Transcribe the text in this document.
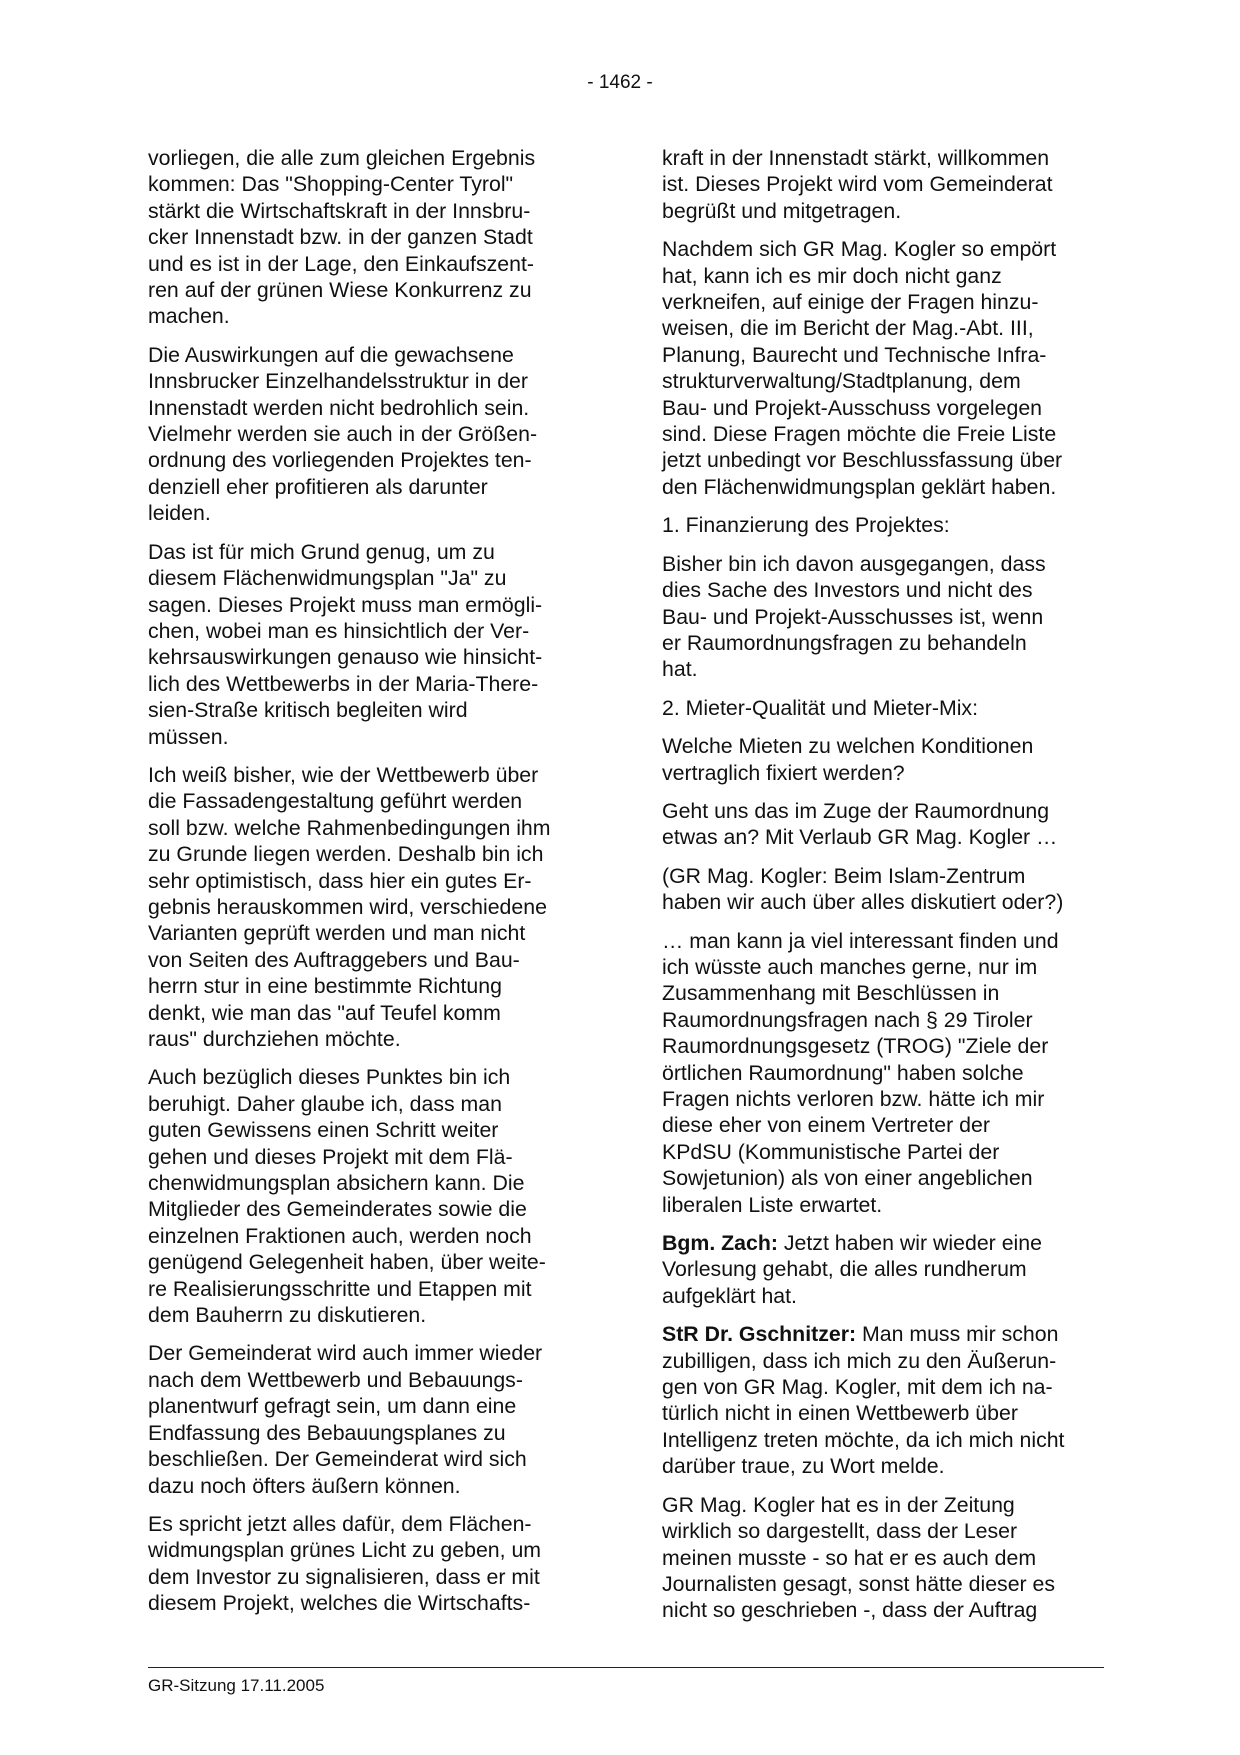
- 1462 -

vorliegen, die alle zum gleichen Ergebnis
kommen: Das "Shopping-Center Tyrol"
stärkt die Wirtschaftskraft in der Innsbru-
cker Innenstadt bzw. in der ganzen Stadt
und es ist in der Lage, den Einkaufszent-
ren auf der grünen Wiese Konkurrenz zu
machen.

Die Auswirkungen auf die gewachsene
Innsbrucker Einzelhandelsstruktur in der
Innenstadt werden nicht bedrohlich sein.
Vielmehr werden sie auch in der Größen-
ordnung des vorliegenden Projektes ten-
denziell eher profitieren als darunter
leiden.

Das ist für mich Grund genug, um zu
diesem Flächenwidmungsplan "Ja" zu
sagen. Dieses Projekt muss man ermögli-
chen, wobei man es hinsichtlich der Ver-
kehrsauswirkungen genauso wie hinsicht-
lich des Wettbewerbs in der Maria-There-
sien-Straße kritisch begleiten wird
müssen.

Ich weiß bisher, wie der Wettbewerb über
die Fassadengestaltung geführt werden
soll bzw. welche Rahmenbedingungen ihm
zu Grunde liegen werden. Deshalb bin ich
sehr optimistisch, dass hier ein gutes Er-
gebnis herauskommen wird, verschiedene
Varianten geprüft werden und man nicht
von Seiten des Auftraggebers und Bau-
herrn stur in eine bestimmte Richtung
denkt, wie man das "auf Teufel komm
raus" durchziehen möchte.

Auch bezüglich dieses Punktes bin ich
beruhigt. Daher glaube ich, dass man
guten Gewissens einen Schritt weiter
gehen und dieses Projekt mit dem Flä-
chenwidmungsplan absichern kann. Die
Mitglieder des Gemeinderates sowie die
einzelnen Fraktionen auch, werden noch
genügend Gelegenheit haben, über weite-
re Realisierungsschritte und Etappen mit
dem Bauherrn zu diskutieren.

Der Gemeinderat wird auch immer wieder
nach dem Wettbewerb und Bebauungs-
planentwurf gefragt sein, um dann eine
Endfassung des Bebauungsplanes zu
beschließen. Der Gemeinderat wird sich
dazu noch öfters äußern können.

Es spricht jetzt alles dafür, dem Flächen-
widmungsplan grünes Licht zu geben, um
dem Investor zu signalisieren, dass er mit
diesem Projekt, welches die Wirtschafts-

kraft in der Innenstadt stärkt, willkommen
ist. Dieses Projekt wird vom Gemeinderat
begrüßt und mitgetragen.

Nachdem sich GR Mag. Kogler so empört
hat, kann ich es mir doch nicht ganz
verkneifen, auf einige der Fragen hinzu-
weisen, die im Bericht der Mag.-Abt. III,
Planung, Baurecht und Technische Infra-
strukturverwaltung/Stadtplanung, dem
Bau- und Projekt-Ausschuss vorgelegen
sind. Diese Fragen möchte die Freie Liste
jetzt unbedingt vor Beschlussfassung über
den Flächenwidmungsplan geklärt haben.

1. Finanzierung des Projektes:

Bisher bin ich davon ausgegangen, dass
dies Sache des Investors und nicht des
Bau- und Projekt-Ausschusses ist, wenn
er Raumordnungsfragen zu behandeln
hat.

2. Mieter-Qualität und Mieter-Mix:

Welche Mieten zu welchen Konditionen
vertraglich fixiert werden?

Geht uns das im Zuge der Raumordnung
etwas an? Mit Verlaub GR Mag. Kogler …

(GR Mag. Kogler: Beim Islam-Zentrum
haben wir auch über alles diskutiert oder?)

… man kann ja viel interessant finden und
ich wüsste auch manches gerne, nur im
Zusammenhang mit Beschlüssen in
Raumordnungsfragen nach § 29 Tiroler
Raumordnungsgesetz (TROG) "Ziele der
örtlichen Raumordnung" haben solche
Fragen nichts verloren bzw. hätte ich mir
diese eher von einem Vertreter der
KPdSU (Kommunistische Partei der
Sowjetunion) als von einer angeblichen
liberalen Liste erwartet.

Bgm. Zach: Jetzt haben wir wieder eine
Vorlesung gehabt, die alles rundherum
aufgeklärt hat.

StR Dr. Gschnitzer: Man muss mir schon
zubilligen, dass ich mich zu den Äußerun-
gen von GR Mag. Kogler, mit dem ich na-
türlich nicht in einen Wettbewerb über
Intelligenz treten möchte, da ich mich nicht
darüber traue, zu Wort melde.

GR Mag. Kogler hat es in der Zeitung
wirklich so dargestellt, dass der Leser
meinen musste - so hat er es auch dem
Journalisten gesagt, sonst hätte dieser es
nicht so geschrieben -, dass der Auftrag

GR-Sitzung 17.11.2005
